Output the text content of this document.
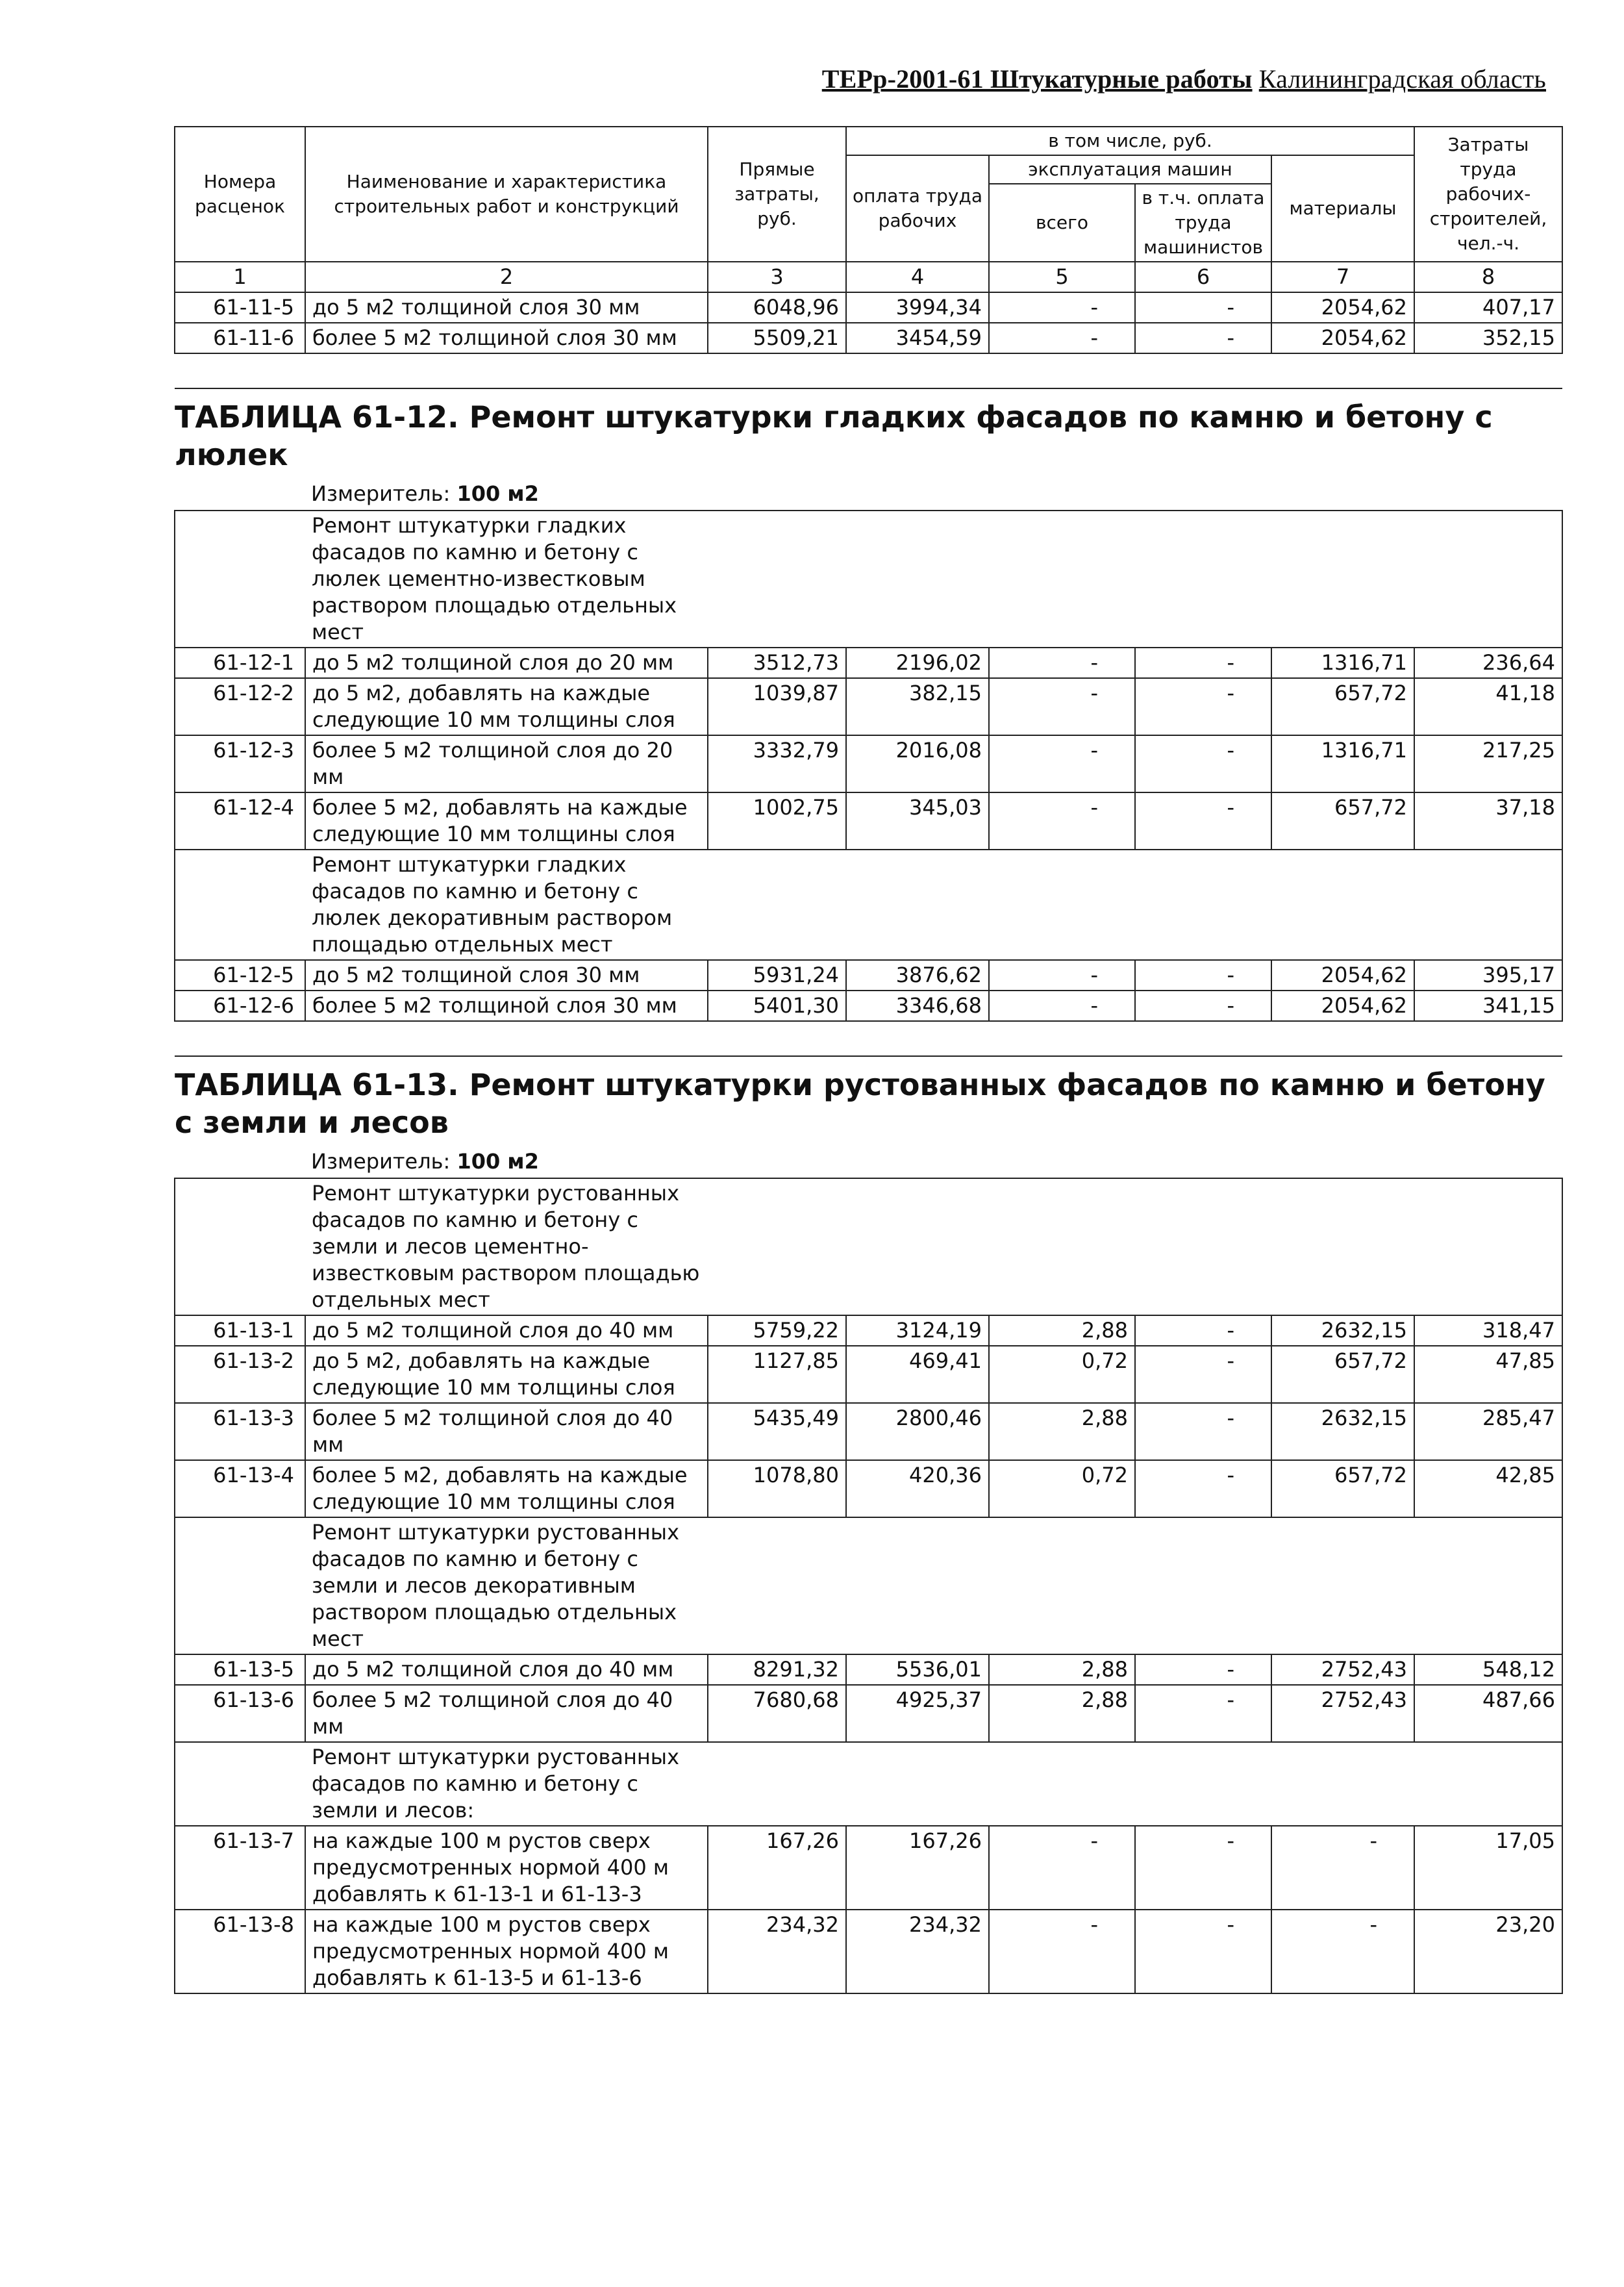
ТЕРр-2001-61 Штукатурные работы Калининградская область
Номера расценок	Наименование и характеристика строительных работ и конструкций	Прямые затраты, руб.	в том числе, руб.				Затраты труда рабочих-строителей, чел.-ч.
			оплата труда рабочих	эксплуатация машин		материалы	
				всего	в т.ч. оплата труда машинистов		
1	2	3	4	5	6	7	8
61-11-5	до 5 м2 толщиной слоя 30 мм	6048,96	3994,34	-	-	2054,62	407,17
61-11-6	более 5 м2 толщиной слоя 30 мм	5509,21	3454,59	-	-	2054,62	352,15

ТАБЛИЦА 61-12. Ремонт штукатурки гладких фасадов по камню и бетону с люлек							
Измеритель: 100 м2							
	Ремонт штукатурки гладких фасадов по камню и бетону с люлек цементно-известковым раствором площадью отдельных мест						
61-12-1	до 5 м2 толщиной слоя до 20 мм	3512,73	2196,02	-	-	1316,71	236,64
61-12-2	до 5 м2, добавлять на каждые следующие 10 мм толщины слоя	1039,87	382,15	-	-	657,72	41,18
61-12-3	более 5 м2 толщиной слоя до 20 мм	3332,79	2016,08	-	-	1316,71	217,25
61-12-4	более 5 м2, добавлять на каждые следующие 10 мм толщины слоя	1002,75	345,03	-	-	657,72	37,18
	Ремонт штукатурки гладких фасадов по камню и бетону с люлек декоративным раствором площадью отдельных мест						
61-12-5	до 5 м2 толщиной слоя 30 мм	5931,24	3876,62	-	-	2054,62	395,17
61-12-6	более 5 м2 толщиной слоя 30 мм	5401,30	3346,68	-	-	2054,62	341,15

ТАБЛИЦА 61-13. Ремонт штукатурки рустованных фасадов по камню и бетону с земли и лесов							
Измеритель: 100 м2							
	Ремонт штукатурки рустованных фасадов по камню и бетону с земли и лесов цементно-известковым раствором площадью отдельных мест						
61-13-1	до 5 м2 толщиной слоя до 40 мм	5759,22	3124,19	2,88	-	2632,15	318,47
61-13-2	до 5 м2, добавлять на каждые следующие 10 мм толщины слоя	1127,85	469,41	0,72	-	657,72	47,85
61-13-3	более 5 м2 толщиной слоя до 40 мм	5435,49	2800,46	2,88	-	2632,15	285,47
61-13-4	более 5 м2, добавлять на каждые следующие 10 мм толщины слоя	1078,80	420,36	0,72	-	657,72	42,85
	Ремонт штукатурки рустованных фасадов по камню и бетону с земли и лесов декоративным раствором площадью отдельных мест						
61-13-5	до 5 м2 толщиной слоя до 40 мм	8291,32	5536,01	2,88	-	2752,43	548,12
61-13-6	более 5 м2 толщиной слоя до 40 мм	7680,68	4925,37	2,88	-	2752,43	487,66
	Ремонт штукатурки рустованных фасадов по камню и бетону с земли и лесов:						
61-13-7	на каждые 100 м рустов сверх предусмотренных нормой 400 м добавлять к 61-13-1 и 61-13-3	167,26	167,26	-	-	-	17,05
61-13-8	на каждые 100 м рустов сверх предусмотренных нормой 400 м добавлять к 61-13-5 и 61-13-6	234,32	234,32	-	-	-	23,20
